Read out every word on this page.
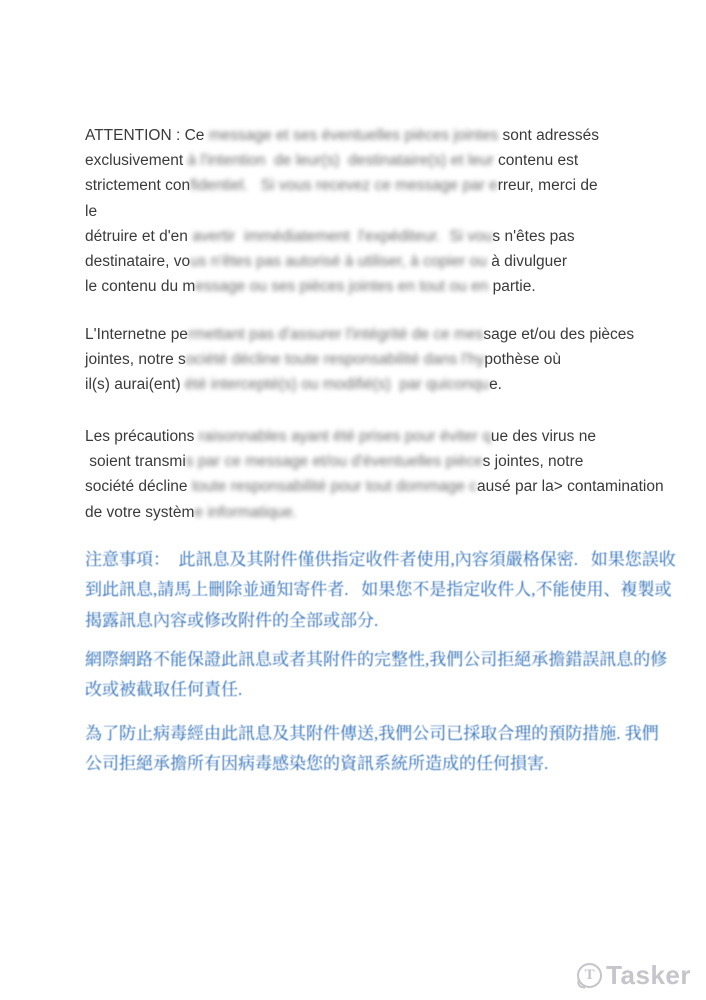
ATTENTION : Ce message et ses éventuelles pièces jointes sont adressés
exclusivement à l'intention  de leur(s)  destinataire(s) et leur contenu est
strictement confidentiel.   Si vous recevez ce message par erreur, merci de
le
détruire et d'en avertir  immédiatement  l'expéditeur.  Si vous n'êtes pas
destinataire, vous n'êtes pas autorisé à utiliser, à copier ou à divulguer
le contenu du message ou ses pièces jointes en tout ou en partie.
L'Internetne permettant pas d'assurer l'intégrité de ce message et/ou des pièces
jointes, notre société décline toute responsabilité dans l'hypothèse où
il(s) aurai(ent) été intercepté(s) ou modifié(s)  par quiconque.
Les précautions raisonnables ayant été prises pour éviter que des virus ne
soient transmis par ce message et/ou d'éventuelles pièces jointes, notre
société décline toute responsabilité pour tout dommage causé par la> contamination
de votre système informatique.
注意事項：  此訊息及其附件僅供指定收件者使用,內容須嚴格保密.   如果您誤收
到此訊息,請馬上刪除並通知寄件者.   如果您不是指定收件人,不能使用、複製或
揭露訊息內容或修改附件的全部或部分.
網際網路不能保證此訊息或者其附件的完整性,我們公司拒絕承擔錯誤訊息的修
改或被截取任何責任.
為了防止病毒經由此訊息及其附件傳送,我們公司已採取合理的預防措施. 我們
公司拒絕承擔所有因病毒感染您的資訊系統所造成的任何損害.
T Tasker
